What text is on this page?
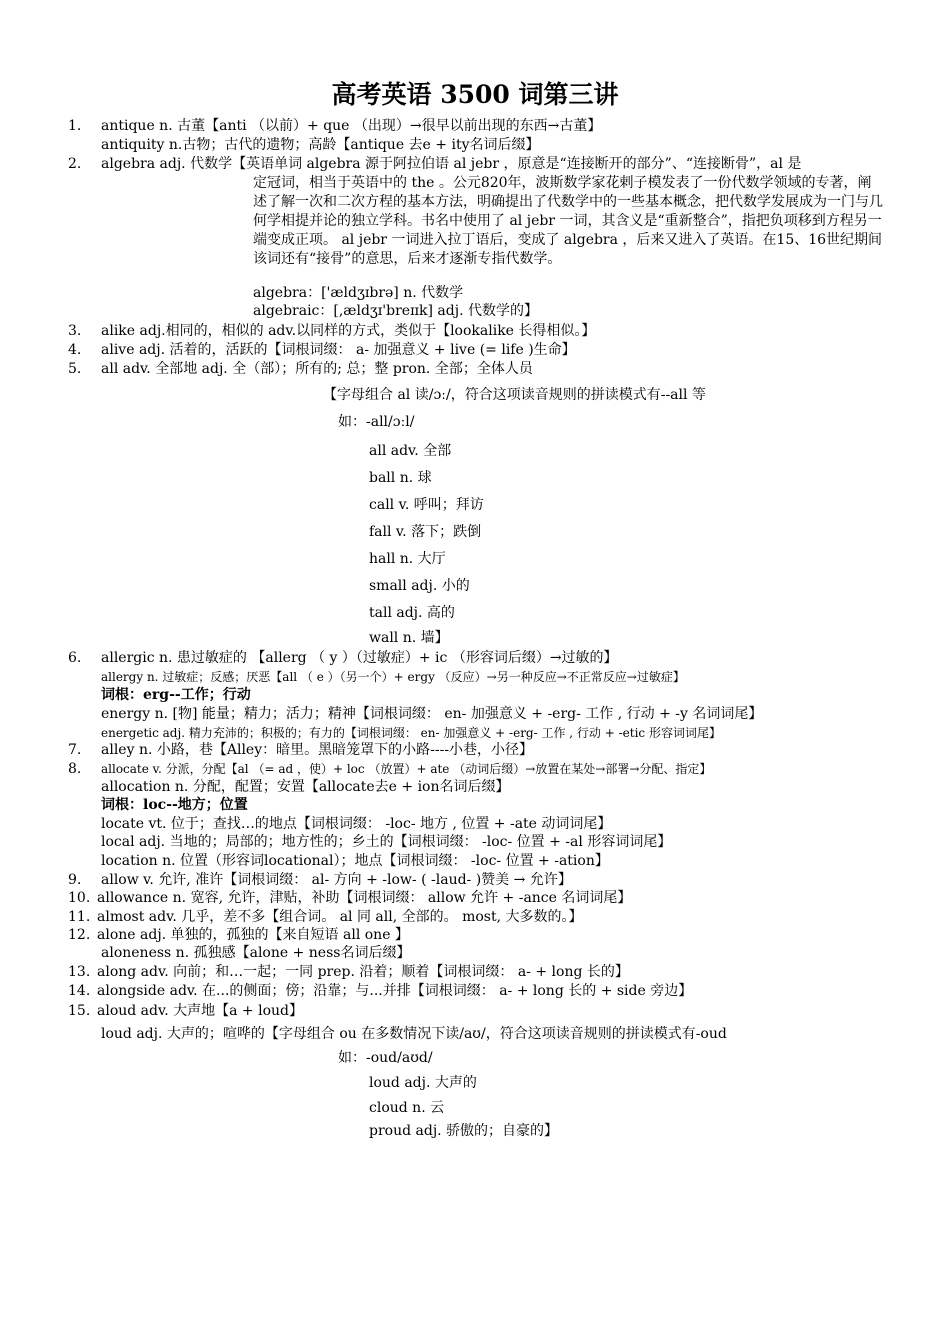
高考英语 3500 词第三讲
1. antique n. 古董【anti （以前）+ que （出现）→很早以前出现的东西→古董】
antiquity n.古物；古代的遗物；高龄【antique 去e + ity名词后缀】
2. algebra adj. 代数学【英语单词 algebra 源于阿拉伯语 al jebr ，原意是“连接断开的部分”、“连接断骨”，al 是
定冠词，相当于英语中的 the 。公元820年，波斯数学家花剌子模发表了一份代数学领域的专著，阐述了解一次和二次方程的基本方法，明确提出了代数学中的一些基本概念，把代数学发展成为一门与几何学相提并论的独立学科。书名中使用了 al jebr 一词，其含义是“重新整合”，指把负项移到方程另一端变成正项。 al jebr 一词进入拉丁语后，变成了 algebra ，后来又进入了英语。在15、16世纪期间该词还有“接骨”的意思，后来才逐渐专指代数学。
algebra：['ældʒɪbrə] n. 代数学
algebraic：[,ældʒɪ'breɪɪk] adj. 代数学的】
3. alike adj.相同的，相似的 adv.以同样的方式，类似于【lookalike 长得相似。】
4. alive adj. 活着的，活跃的【词根词缀： a- 加强意义 + live (= life )生命】
5. all adv. 全部地 adj. 全（部）；所有的; 总；整 pron. 全部；全体人员
【字母组合 al 读/ɔː/，符合这项读音规则的拼读模式有--all 等
如：-all/ɔːl/
all adv. 全部
ball n. 球
call v. 呼叫；拜访
fall v. 落下；跌倒
hall n. 大厅
small adj. 小的
tall adj. 高的
wall n. 墙】
6. allergic n. 患过敏症的 【allerg （ y ）（过敏症）+ ic （形容词后缀）→过敏的】
allergy n. 过敏症；反感；厌恶【all （ e ）（另一个）+ ergy （反应）→另一种反应→不正常反应→过敏症】
词根：erg--工作；行动
energy n. [物] 能量；精力；活力；精神【词根词缀： en- 加强意义 + -erg- 工作 , 行动 + -y 名词词尾】
energetic adj. 精力充沛的；积极的；有力的【词根词缀： en- 加强意义 + -erg- 工作 , 行动 + -etic 形容词词尾】
7. alley n. 小路，巷【Alley：暗里。黑暗笼罩下的小路----小巷，小径】
8. allocate v. 分派，分配【al （= ad ，使）+ loc （放置）+ ate （动词后缀）→放置在某处→部署→分配、指定】
allocation n. 分配，配置；安置【allocate去e + ion名词后缀】
词根：loc--地方；位置
locate vt. 位于；查找…的地点【词根词缀： -loc- 地方 , 位置 + -ate 动词词尾】
local adj. 当地的；局部的；地方性的；乡土的【词根词缀： -loc- 位置 + -al 形容词词尾】
location n. 位置（形容词locational）；地点【词根词缀： -loc- 位置 + -ation】
9. allow v. 允许, 准许【词根词缀： al- 方向 + -low- ( -laud- )赞美 → 允许】
10. allowance n. 宽容, 允许，津贴，补助【词根词缀： allow 允许 + -ance 名词词尾】
11. almost adv. 几乎，差不多【组合词。 al 同 all, 全部的。 most, 大多数的。】
12. alone adj. 单独的，孤独的【来自短语 all one 】
aloneness n. 孤独感【alone + ness名词后缀】
13. along adv. 向前；和…一起；一同 prep. 沿着；顺着【词根词缀： a- + long 长的】
14. alongside adv. 在...的侧面；傍；沿靠；与...并排【词根词缀： a- + long 长的 + side 旁边】
15. aloud adv. 大声地【a + loud】
loud adj. 大声的；喧哗的【字母组合 ou 在多数情况下读/aʊ/，符合这项读音规则的拼读模式有-oud
如：-oud/aʊd/
loud adj. 大声的
cloud n. 云
proud adj. 骄傲的；自豪的】
